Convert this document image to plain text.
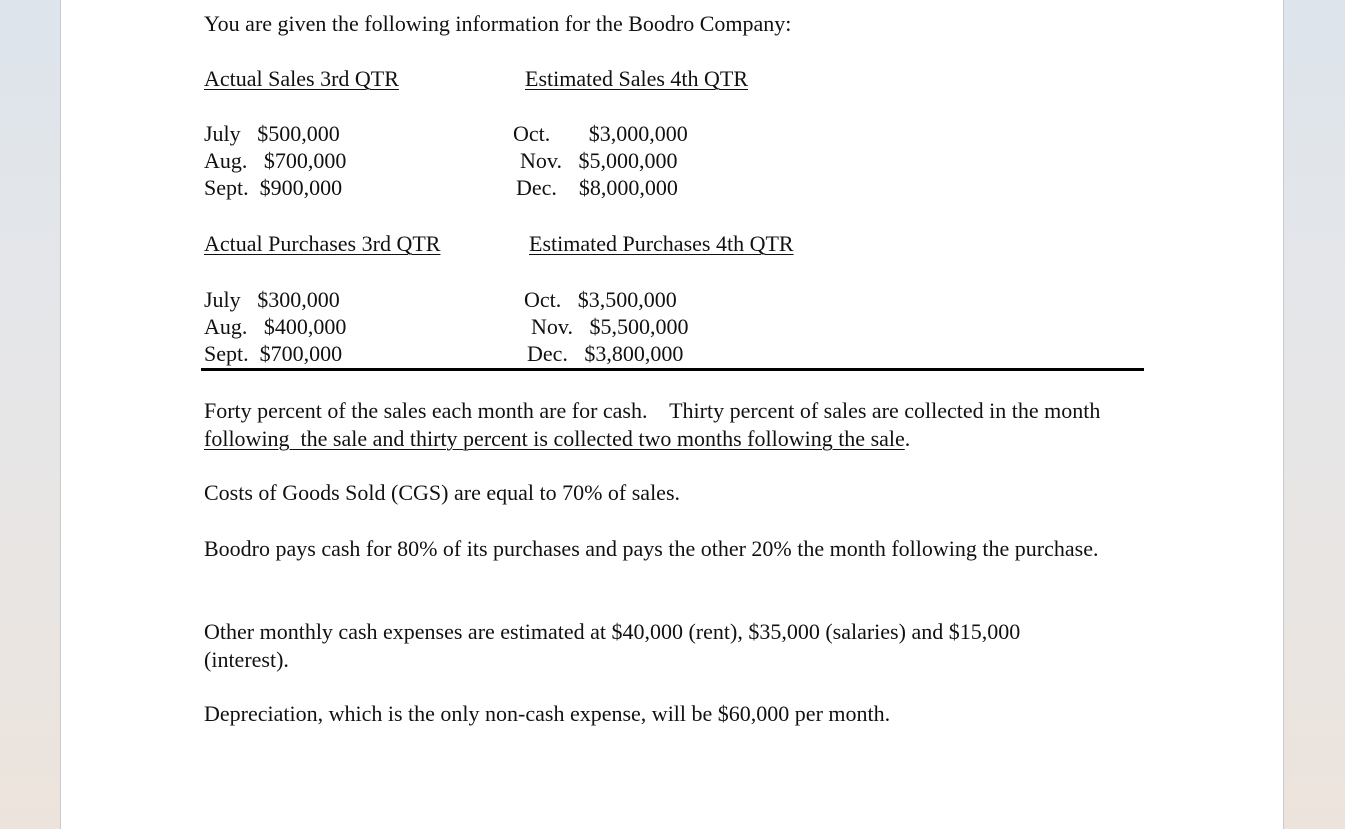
You are given the following information for the Boodro Company:

Actual Sales 3rd QTR	Estimated Sales 4th QTR

July $500,000

Aug. $700,000

Sept. $900,000

Oct. $3,000,000

Nov. $5,000,000

Dec. $8,000,000

Actual Purchases 3rd QTR	Estimated Purchases 4th QTR

July $300,000

Aug. $400,000

Sept. $700,000

Oct. $3,500,000

Nov. $5,500,000

Dec. $3,800,000

Forty percent of the sales each month are for cash.    Thirty percent of sales are collected in the month following  the sale and thirty percent is collected two months following the sale.

Costs of Goods Sold (CGS) are equal to 70% of sales.

Boodro pays cash for 80% of its purchases and pays the other 20% the month following the purchase.

Other monthly cash expenses are estimated at $40,000 (rent), $35,000 (salaries) and $15,000 (interest).

Depreciation, which is the only non-cash expense, will be $60,000 per month.
